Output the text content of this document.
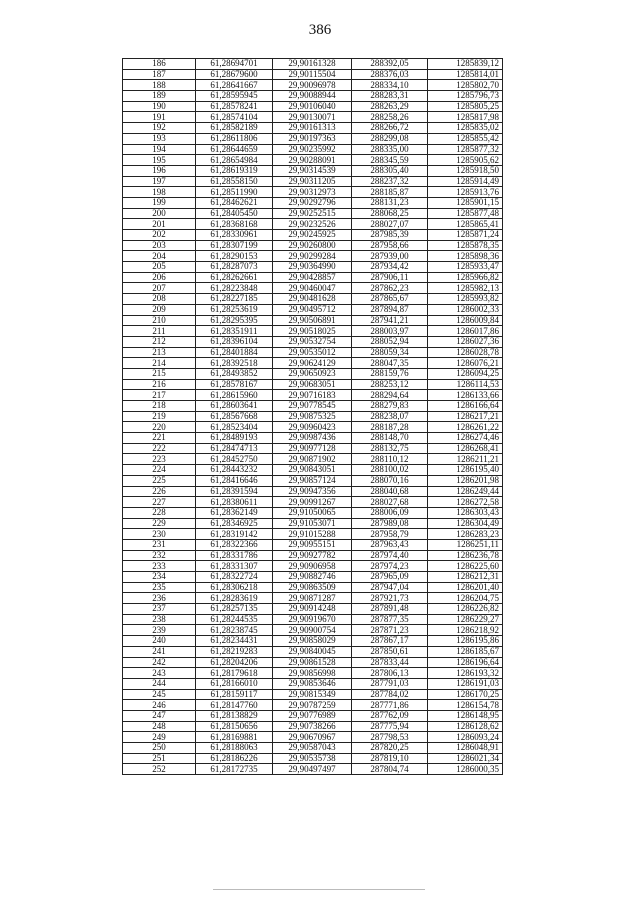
386
186	61,28694701	29,90161328	288392,05	1285839,12
187	61,28679600	29,90115504	288376,03	1285814,01
188	61,28641667	29,90096978	288334,10	1285802,70
189	61,28595945	29,90088944	288283,31	1285796,73
190	61,28578241	29,90106040	288263,29	1285805,25
191	61,28574104	29,90130071	288258,26	1285817,98
192	61,28582189	29,90161313	288266,72	1285835,02
193	61,28611806	29,90197363	288299,08	1285855,42
194	61,28644659	29,90235992	288335,00	1285877,32
195	61,28654984	29,90288091	288345,59	1285905,62
196	61,28619319	29,90314539	288305,40	1285918,50
197	61,28558150	29,90311205	288237,32	1285914,49
198	61,28511990	29,90312973	288185,87	1285913,76
199	61,28462621	29,90292796	288131,23	1285901,15
200	61,28405450	29,90252515	288068,25	1285877,48
201	61,28368168	29,90232526	288027,07	1285865,41
202	61,28330961	29,90245925	287985,39	1285871,24
203	61,28307199	29,90260800	287958,66	1285878,35
204	61,28290153	29,90299284	287939,00	1285898,36
205	61,28287073	29,90364990	287934,42	1285933,47
206	61,28262661	29,90428857	287906,11	1285966,82
207	61,28223848	29,90460047	287862,23	1285982,13
208	61,28227185	29,90481628	287865,67	1285993,82
209	61,28253619	29,90495712	287894,87	1286002,33
210	61,28295395	29,90506891	287941,21	1286009,84
211	61,28351911	29,90518025	288003,97	1286017,86
212	61,28396104	29,90532754	288052,94	1286027,36
213	61,28401884	29,90535012	288059,34	1286028,78
214	61,28392518	29,90624129	288047,35	1286076,21
215	61,28493852	29,90650923	288159,76	1286094,25
216	61,28578167	29,90683051	288253,12	1286114,53
217	61,28615960	29,90716183	288294,64	1286133,66
218	61,28603641	29,90778545	288279,83	1286166,64
219	61,28567668	29,90875325	288238,07	1286217,21
220	61,28523404	29,90960423	288187,28	1286261,22
221	61,28489193	29,90987436	288148,70	1286274,46
222	61,28474713	29,90977128	288132,75	1286268,41
223	61,28452750	29,90871902	288110,12	1286211,21
224	61,28443232	29,90843051	288100,02	1286195,40
225	61,28416646	29,90857124	288070,16	1286201,98
226	61,28391594	29,90947356	288040,68	1286249,44
227	61,28380611	29,90991267	288027,68	1286272,58
228	61,28362149	29,91050065	288006,09	1286303,43
229	61,28346925	29,91053071	287989,08	1286304,49
230	61,28319142	29,91015288	287958,79	1286283,23
231	61,28322366	29,90955151	287963,43	1286251,11
232	61,28331786	29,90927782	287974,40	1286236,78
233	61,28331307	29,90906958	287974,23	1286225,60
234	61,28322724	29,90882746	287965,09	1286212,31
235	61,28306218	29,90863509	287947,04	1286201,40
236	61,28283619	29,90871287	287921,73	1286204,75
237	61,28257135	29,90914248	287891,48	1286226,82
238	61,28244535	29,90919670	287877,35	1286229,27
239	61,28238745	29,90900754	287871,23	1286218,92
240	61,28234431	29,90858029	287867,17	1286195,86
241	61,28219283	29,90840045	287850,61	1286185,67
242	61,28204206	29,90861528	287833,44	1286196,64
243	61,28179618	29,90856998	287806,13	1286193,32
244	61,28166010	29,90853646	287791,03	1286191,03
245	61,28159117	29,90815349	287784,02	1286170,25
246	61,28147760	29,90787259	287771,86	1286154,78
247	61,28138829	29,90776989	287762,09	1286148,95
248	61,28150656	29,90738266	287775,94	1286128,62
249	61,28169881	29,90670967	287798,53	1286093,24
250	61,28188063	29,90587043	287820,25	1286048,91
251	61,28186226	29,90535738	287819,10	1286021,34
252	61,28172735	29,90497497	287804,74	1286000,35
